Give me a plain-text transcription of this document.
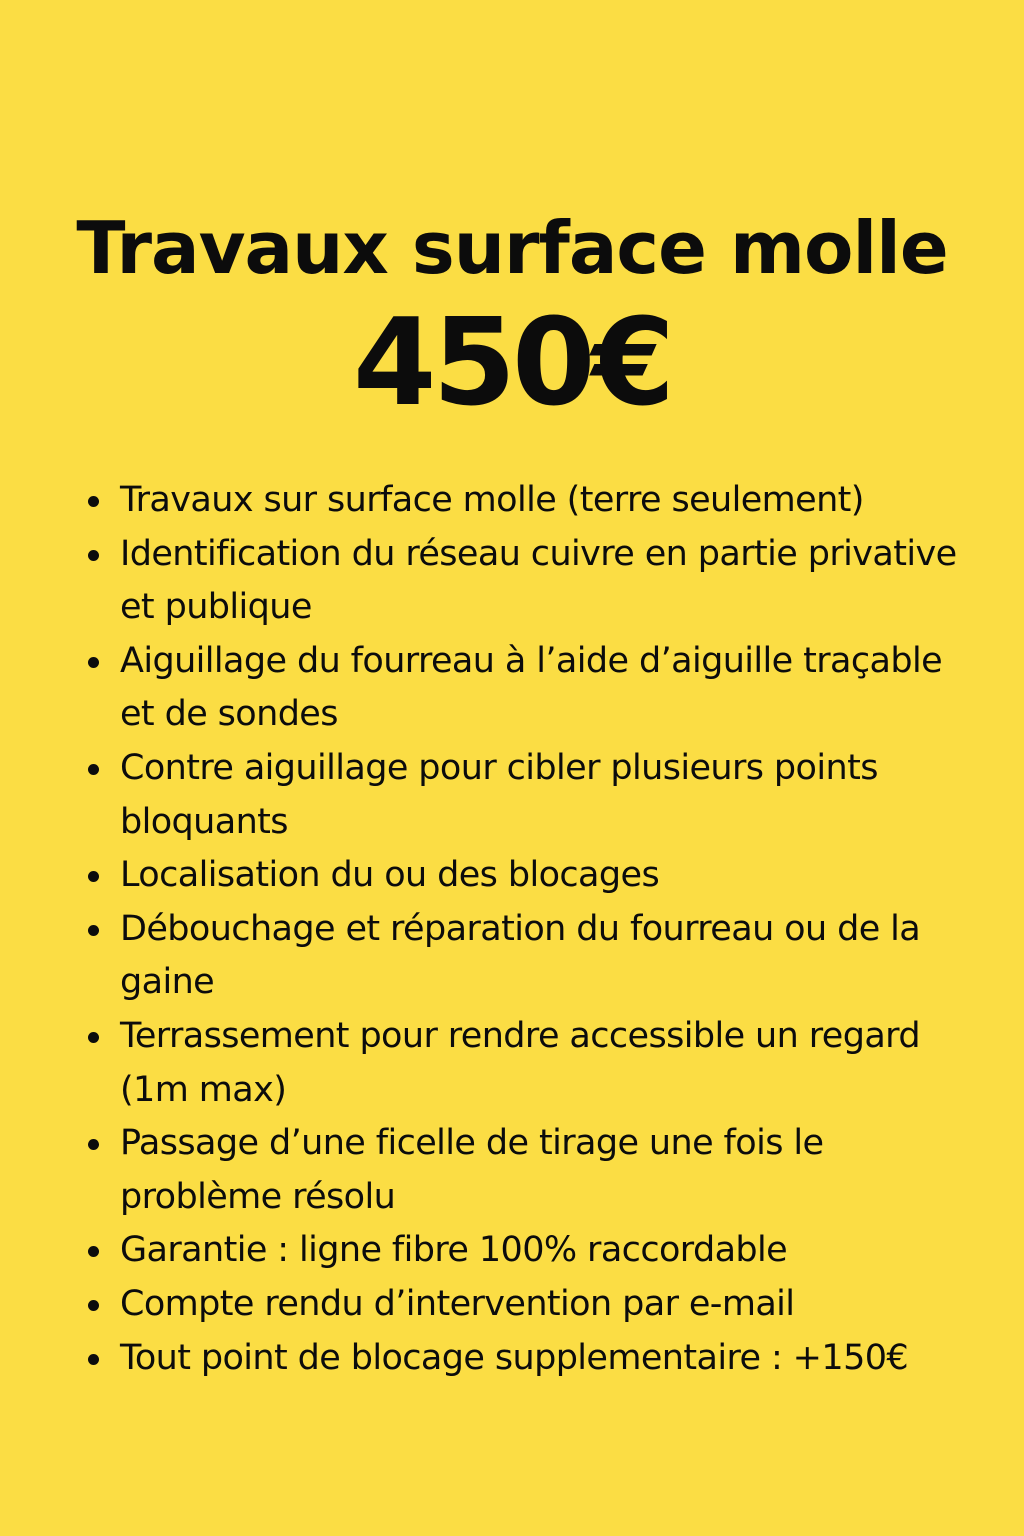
Travaux surface molle
450€
Travaux sur surface molle (terre seulement)
Identification du réseau cuivre en partie privative et publique
Aiguillage du fourreau à l’aide d’aiguille traçable et de sondes
Contre aiguillage pour cibler plusieurs points bloquants
Localisation du ou des blocages
Débouchage et réparation du fourreau ou de la gaine
Terrassement pour rendre accessible un regard (1m max)
Passage d’une ficelle de tirage une fois le problème résolu
Garantie : ligne fibre 100% raccordable
Compte rendu d’intervention par e-mail
Tout point de blocage supplementaire : +150€
